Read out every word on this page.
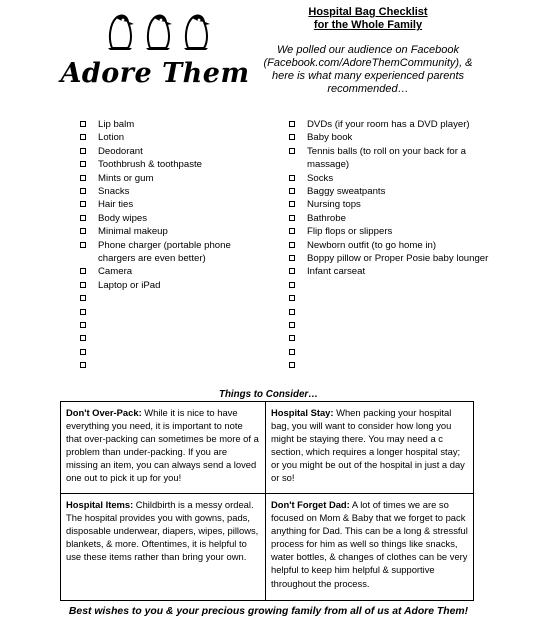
Adore Them
Hospital Bag Checklist
for the Whole Family
We polled our audience on Facebook (Facebook.com/AdoreThemCommunity), & here is what many experienced parents recommended…
Lip balm
Lotion
Deodorant
Toothbrush & toothpaste
Mints or gum
Snacks
Hair ties
Body wipes
Minimal makeup
Phone charger (portable phone chargers are even better)
Camera
Laptop or iPad
DVDs (if your room has a DVD player)
Baby book
Tennis balls (to roll on your back for a massage)
Socks
Baggy sweatpants
Nursing tops
Bathrobe
Flip flops or slippers
Newborn outfit (to go home in)
Boppy pillow or Proper Posie baby lounger
Infant carseat
Things to Consider…
Don't Over-Pack: While it is nice to have everything you need, it is important to note that over-packing can sometimes be more of a problem than under-packing. If you are missing an item, you can always send a loved one out to pick it up for you!
Hospital Stay: When packing your hospital bag, you will want to consider how long you might be staying there. You may need a c section, which requires a longer hospital stay; or you might be out of the hospital in just a day or so!
Hospital Items: Childbirth is a messy ordeal. The hospital provides you with gowns, pads, disposable underwear, diapers, wipes, pillows, blankets, & more. Oftentimes, it is helpful to use these items rather than bring your own.
Don't Forget Dad: A lot of times we are so focused on Mom & Baby that we forget to pack anything for Dad. This can be a long & stressful process for him as well so things like snacks, water bottles, & changes of clothes can be very helpful to keep him helpful & supportive throughout the process.
Best wishes to you & your precious growing family from all of us at Adore Them!
